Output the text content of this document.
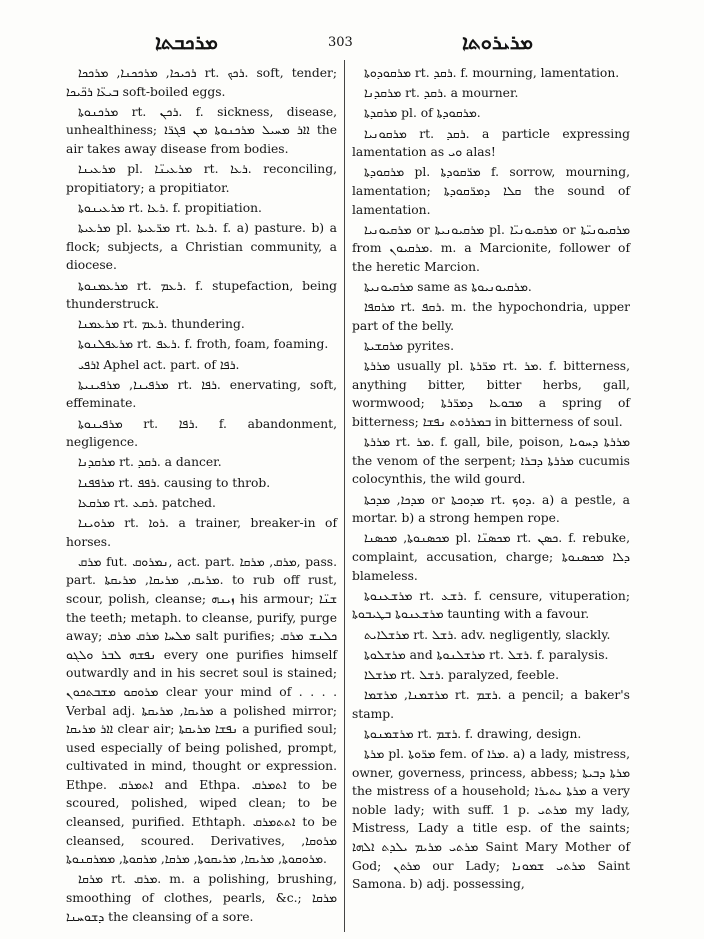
ܡܪܟܒܬܐ	303	ܡܪܝܪܘܬܐ

ܪܟܝܟܐ, ܡܪܟܟܢܐ, ܡܪܟܟܐ rt. ܪܟܟ. soft, tender; ܒܝܥ̈ܐ ܪܟ̈ܝܟܐ soft-boiled eggs.

ܡܪܟܢܘܬܐ rt. ܪܟܢ. f. sickness, disease, unhealthiness; ܐܐܪ ܡܚܝܠ ܡܪܟܢܘܬܐ ܡܢ ܦܓܪ̈ܐ the air takes away disease from bodies.

ܡܪܥܝܢܐ pl. ܡܪܥܝܢ̈ܐ rt. ܪܥܐ. reconciling, propitiatory; a propitiator.

ܡܪܥܝܢܘܬܐ rt. ܪܥܐ. f. propitiation.

ܡܪܥܝܬܐ pl. ܡܪ̈ܥܝܬܐ rt. ܪܥܐ. f. a) pasture. b) a flock; subjects, a Christian community, a diocese.

ܡܪܥܡܢܘܬܐ rt. ܪܥܡ. f. stupefaction, being thunderstruck.

ܡܪܥܡܢܐ rt. ܪܥܡ. thundering.

ܡܪܥܦܠܢܘܬܐ rt. ܪܥܦ. f. froth, foam, foaming.

ܐܪܦܝ Aphel act. part. of ܪܦܐ.

ܡܪܦܝܢܐ, ܡܪܦܝܢܝܬܐ rt. ܪܦܐ. enervating, soft, effeminate.

ܡܪܦܝܢܘܬܐ rt. ܪܦܐ. f. abandonment, negligence.

ܡܪܩܕܢܐ rt. ܪܩܕ. a dancer.

ܡܪܦܦܢܐ rt. ܪܦܦ. causing to throb.

ܡܪܩܥܐ rt. ܪܩܥ. patched.

ܡܪܘܝܢܐ rt. ܪܘܐ. a trainer, breaker-in of horses.

ܡܪܩ fut. ܢܡܪܘܩ, act. part. ܡܪܩ, ܡܪܩܐ, pass. part. ܡܪܝܩ, ܡܪܝܩܐ, ܡܪܝܩܬܐ. to rub off rust, scour, polish, cleanse; ܙܝܢܗ his armour; ܫܢ̈ܐ the teeth; metaph. to cleanse, purify, purge away; ܡܠܚܐ ܡܪܩ ܡܪܩ salt purifies; ܟܠܢܫ ܡܪܩ ܢܦܫܗ ܠܒܪ ܘܠܓܘ every one purifies himself outwardly and in his secret soul is stained; ܡܪܘܩܘ ܡܫܒܬܟܘܢ clear your mind of . . . . Verbal adj. ܡܪܝܩܐ, ܡܪܝܩܬܐ a polished mirror; ܐܐܪ ܡܪܝܩܐ clear air; ܢܦܫܐ ܡܪܝܩܬܐ a purified soul; used especially of being polished, prompt, cultivated in mind, thought or expression. Ethpe. ܐܬܡܪܩ and Ethpa. ܐܬܡܪܩ to be scoured, polished, wiped clean; to be cleansed, purified. Ethtaph. ܐܬܬܡܪܩ to be cleansed, scoured. Derivatives, ܡܪܘܩܐ, ܡܪܘܩܘܬܐ, ܡܪܝܩܐ, ܡܪܝܩܘܬܐ, ܡܪܩܐ, ܡܪܩܘܬܐ, ܡܡܪܩܢܘܬܐ.

ܡܪܩܐ rt. ܡܪܩ. m. a polishing, brushing, smoothing of clothes, pearls, &c.; ܡܪܩܐ ܕܫܘܚܢܐ the cleansing of a sore.

ܡܪܩܘܕܘܬܐ rt. ܪܩܕ. f. mourning, lamentation.

ܡܪܩܕܢܐ rt. ܪܩܕ. a mourner.

ܡܪܩܕܬܐ pl. of ܡܪܩܘܕܬܐ.

ܡܪܩܘܢܝܐ rt. ܪܩܕ. a particle expressing lamentation as ܘܝ alas!

ܡܪܩܘܕܬܐ pl. ܡܪ̈ܩܘܕܬܐ f. sorrow, mourning, lamentation; ܩܠܐ ܕܡܪ̈ܩܘܕܬܐ the sound of lamentation.

ܡܪܩܝܘܢܝܐ or ܡܪܩܝܘܢܝܬܐ pl. ܡܪܩܝܘܢܝ̈ܐ or ܡܪܩܝܘܢܝ̈ܬܐ from ܡܪܩܝܘܢ. m. a Marcionite, follower of the heretic Marcion.

ܡܪܩܝܘܢܝܬܐ same as ܡܪܩܝܘܢܝܘܬܐ.

ܡܪܩܦܐ rt. ܪܩܦ. m. the hypochondria, upper part of the belly.

ܡܪܩܫܝܬܐ pyrites.

ܡܪܪܬܐ usually pl. ܡܪ̈ܪܬܐ rt. ܡܪ. f. bitterness, anything bitter, bitter herbs, gall, wormwood; ܡܒܘܥܐ ܕܡܪ̈ܪܬܐ a spring of bitterness; ܒܡܪܪܘܬ ܢܦܫܐ in bitterness of soul.

ܡܪܪܬܐ rt. ܡܪ. f. gall, bile, poison, ܡܪܪܬܐ ܕܚܘܝܐ the venom of the serpent; ܡܪܪܬܐ ܕܒܪܐ cucumis colocynthis, the wild gourd.

ܡܕܟܐ, ܡܕܟܬܐ or ܡܕܘܟܬܐ rt. ܕܘܟ. a) a pestle, a mortar. b) a strong hempen rope.

ܡܟܣܢܘܬܐ, ܡܟܣܢܐ pl. ܡܟܣܢ̈ܐ rt. ܟܣܢ. f. rebuke, complaint, accusation, charge; ܕܠܐ ܡܟܣܢܘܬܐ blameless.

ܡܪܫܥܢܘܬܐ rt. ܪܫܥ. f. censure, vituperation; ܡܪܫܥܢܘܬܐ ܒܛܝܒܘܬܐ taunting with a favour.

ܡܪܫܠܐܝܬ rt. ܪܫܠ. adv. negligently, slackly.

ܡܪܫܠܘܬܐ and ܡܪܫܠܢܘܬܐ rt. ܪܫܠ. f. paralysis.

ܡܪܫܠܐ rt. ܪܫܠ. paralyzed, feeble.

ܡܪܫܡܢܐ, ܡܪܫܡܐ rt. ܪܫܡ. a pencil; a baker's stamp.

ܡܪܫܡܢܘܬܐ rt. ܪܫܡ. f. drawing, design.

ܡܪܬܐ pl. ܡܪ̈ܘܬܐ fem. of ܡܪܐ. a) a lady, mistress, owner, governess, princess, abbess; ܡܪܬܐ ܕܒܝܬܐ the mistress of a household; ܡܪܬܐ ܝܬܝܪܐ a very noble lady; with suff. 1 p. ܡܪܬܝ my lady, Mistress, Lady a title esp. of the saints; ܡܪܬܝ ܡܪܝܡ ܝܠܕܬ ܐܠܗܐ Saint Mary Mother of God; ܡܪܬܢ our Lady; ܡܪܬܝ ܫܡܘܢܐ Saint Samona. b) adj. possessing,
